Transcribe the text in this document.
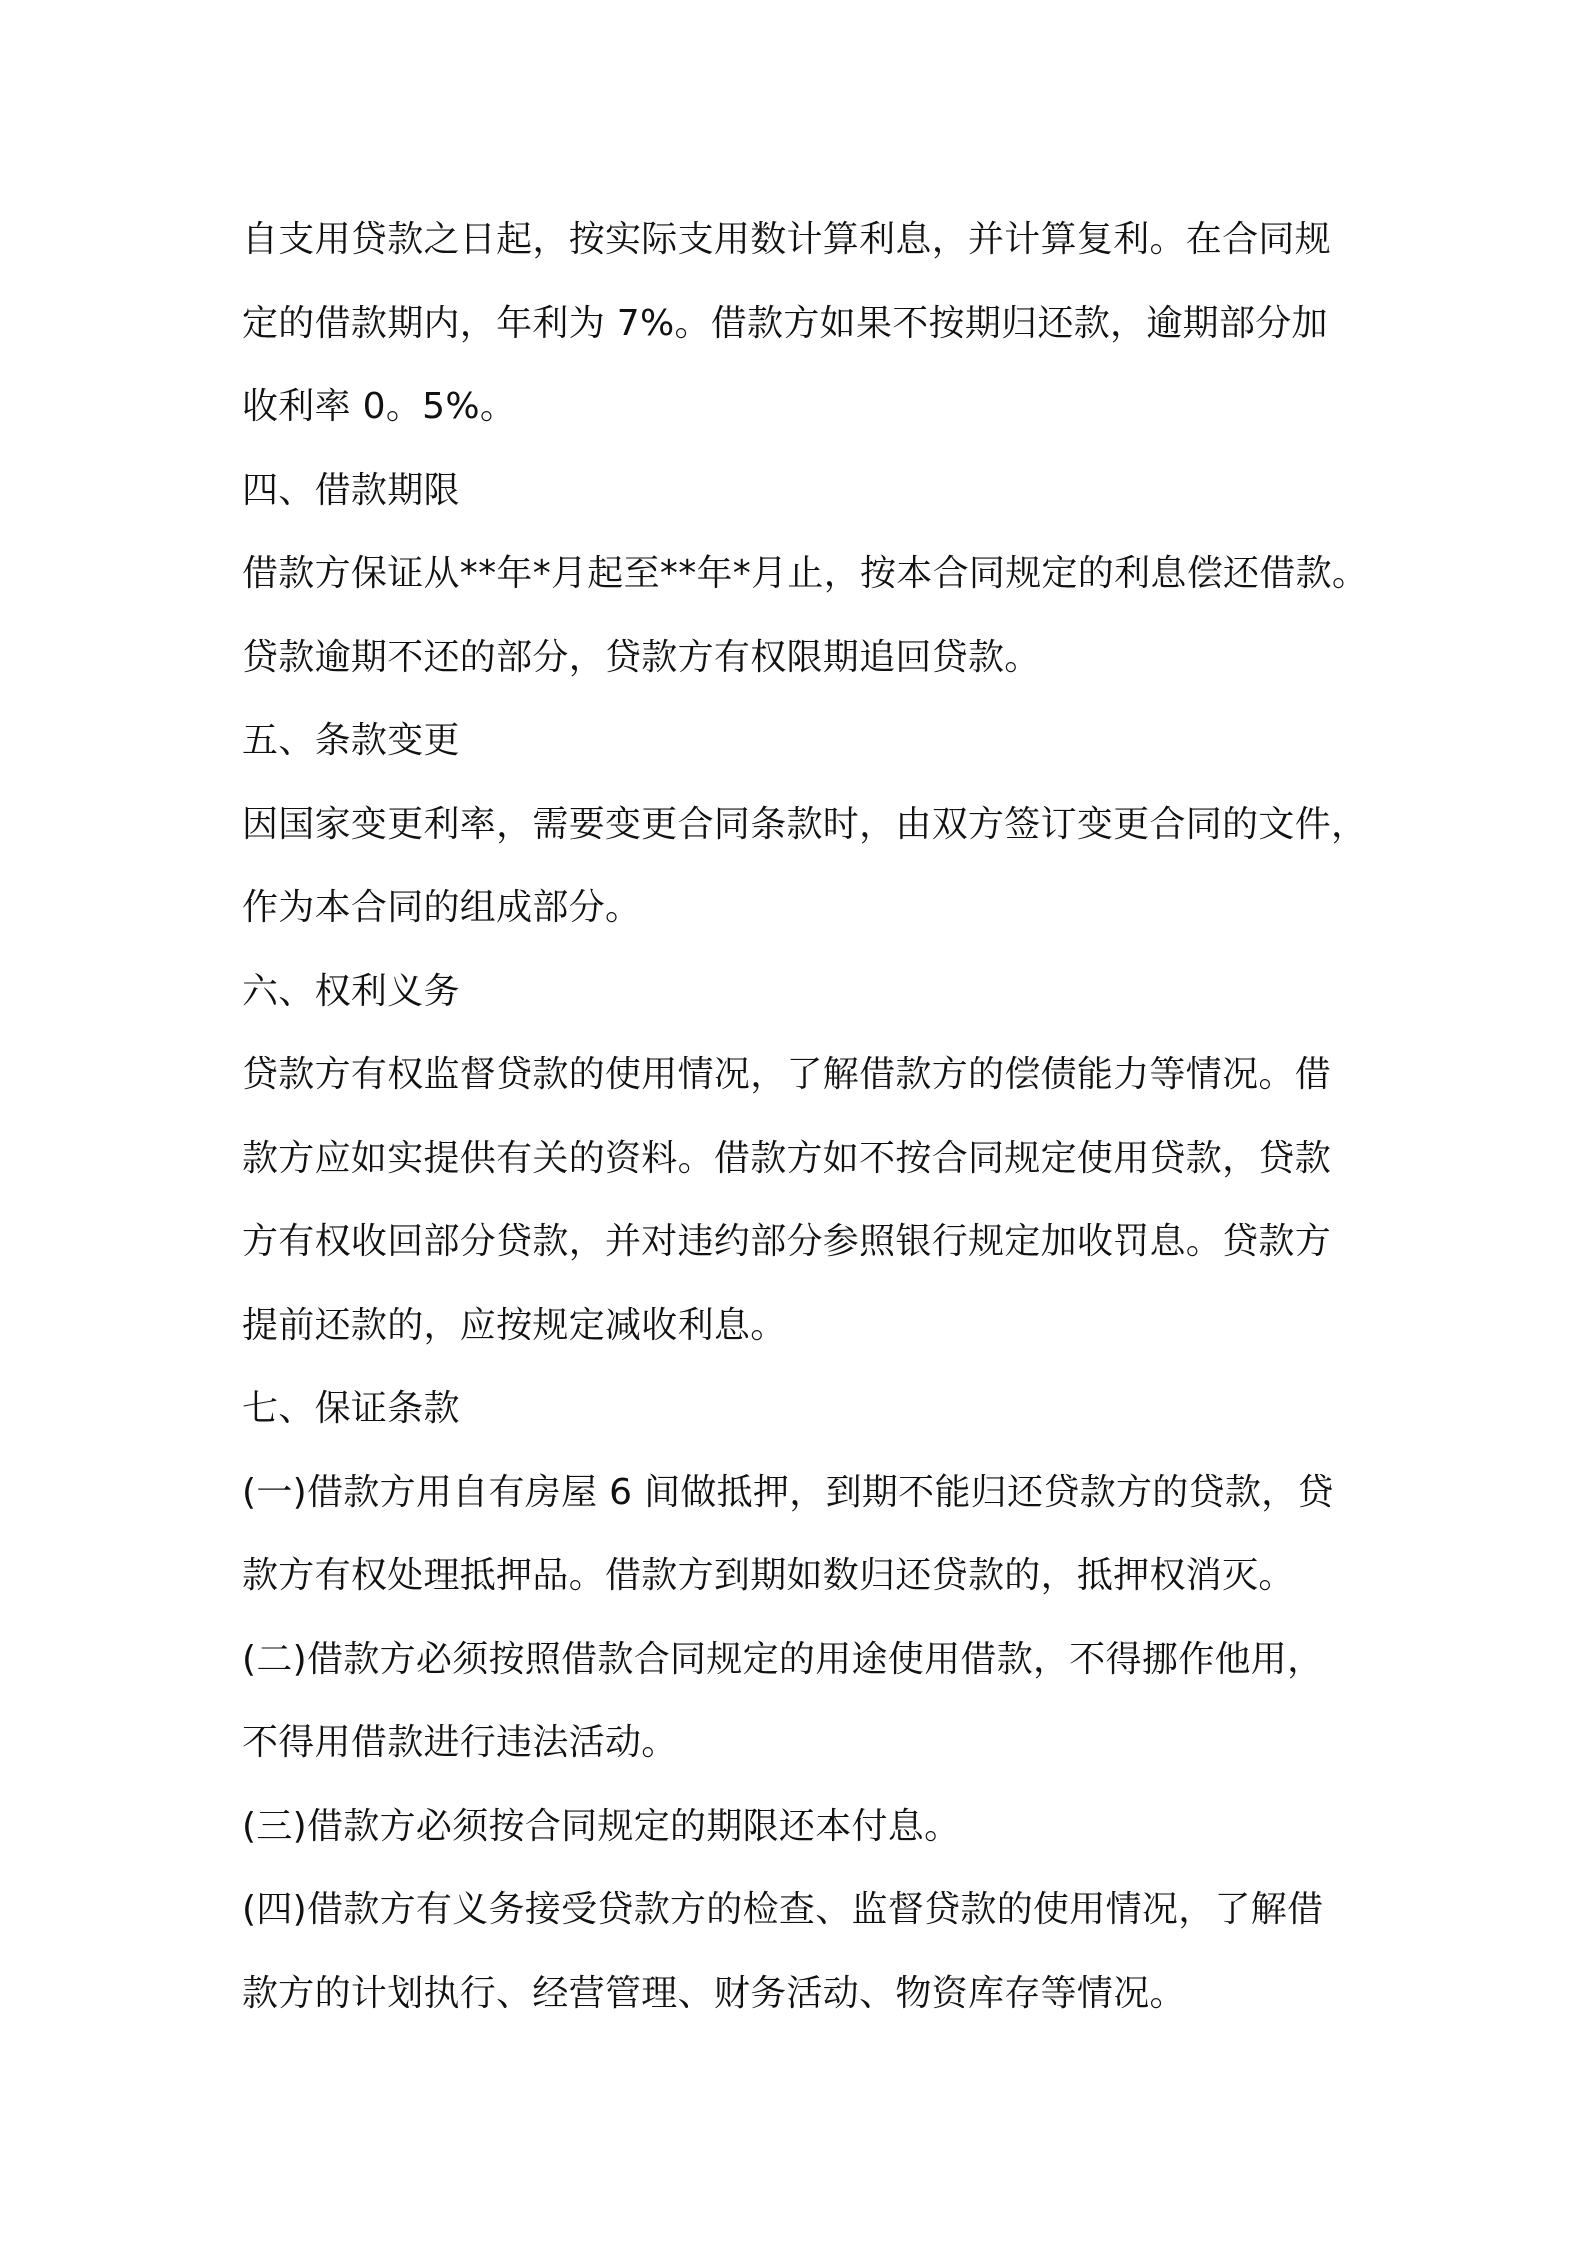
自支用贷款之日起，按实际支用数计算利息，并计算复利。在合同规
定的借款期内，年利为 7%。借款方如果不按期归还款，逾期部分加
收利率 0。5%。
四、借款期限
借款方保证从**年*月起至**年*月止，按本合同规定的利息偿还借款。
贷款逾期不还的部分，贷款方有权限期追回贷款。
五、条款变更
因国家变更利率，需要变更合同条款时，由双方签订变更合同的文件，
作为本合同的组成部分。
六、权利义务
贷款方有权监督贷款的使用情况，了解借款方的偿债能力等情况。借
款方应如实提供有关的资料。借款方如不按合同规定使用贷款，贷款
方有权收回部分贷款，并对违约部分参照银行规定加收罚息。贷款方
提前还款的，应按规定减收利息。
七、保证条款
(一)借款方用自有房屋 6 间做抵押，到期不能归还贷款方的贷款，贷
款方有权处理抵押品。借款方到期如数归还贷款的，抵押权消灭。
(二)借款方必须按照借款合同规定的用途使用借款，不得挪作他用，
不得用借款进行违法活动。
(三)借款方必须按合同规定的期限还本付息。
(四)借款方有义务接受贷款方的检查、监督贷款的使用情况，了解借
款方的计划执行、经营管理、财务活动、物资库存等情况。
